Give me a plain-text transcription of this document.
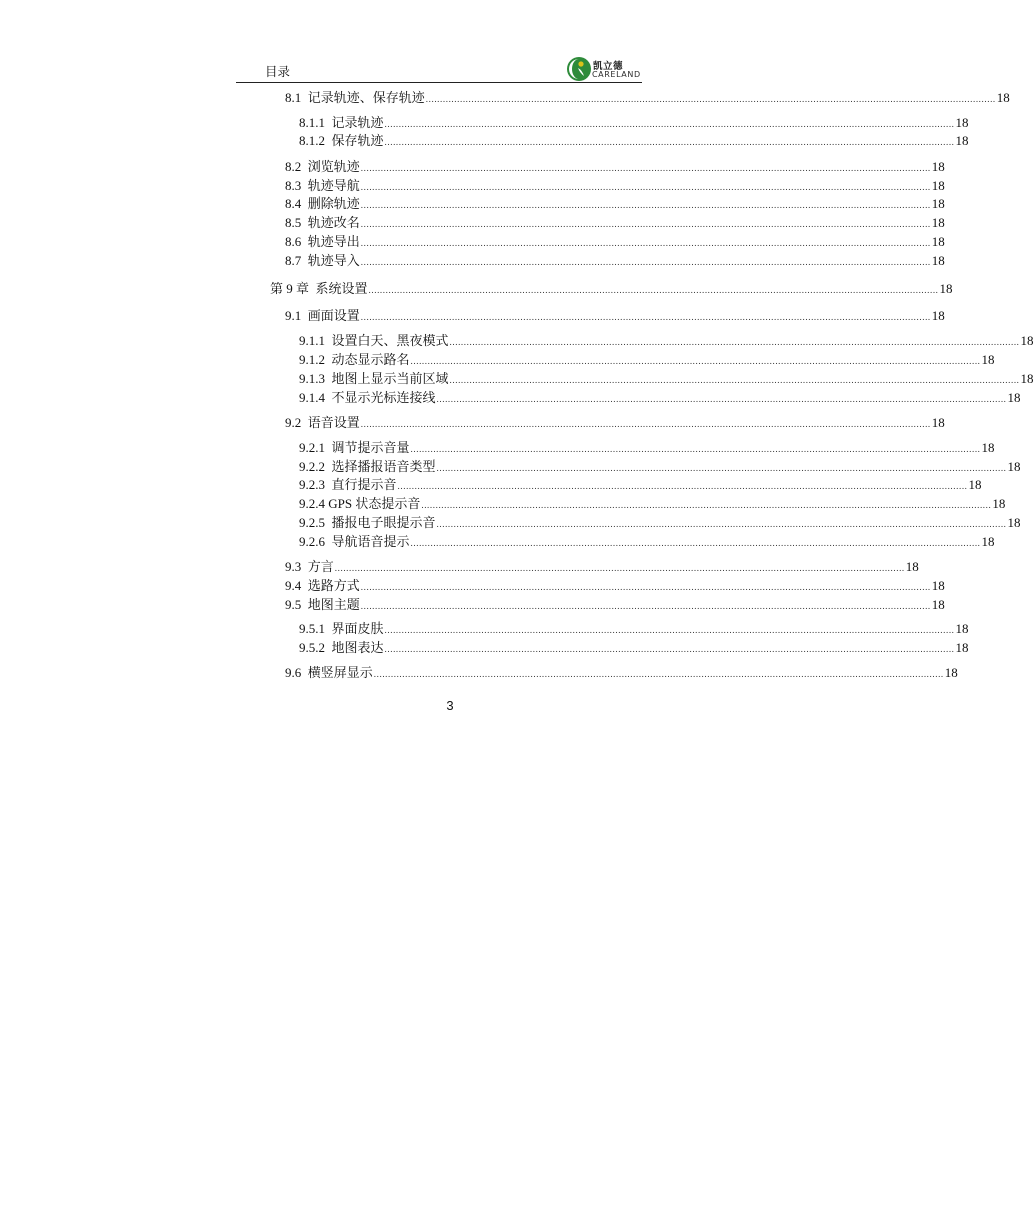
目录	凯立德
CARELAND
8.1  记录轨迹、保存轨迹 ........................................................................................................................................................................................................ 18
8.1.1  记录轨迹 ........................................................................................................................................................................................................ 18
8.1.2  保存轨迹 ........................................................................................................................................................................................................ 18
8.2  浏览轨迹 ........................................................................................................................................................................................................ 18
8.3  轨迹导航 ........................................................................................................................................................................................................ 18
8.4  删除轨迹 ........................................................................................................................................................................................................ 18
8.5  轨迹改名 ........................................................................................................................................................................................................ 18
8.6  轨迹导出 ........................................................................................................................................................................................................ 18
8.7  轨迹导入 ........................................................................................................................................................................................................ 18
第 9 章  系统设置 ........................................................................................................................................................................................................ 18
9.1  画面设置 ........................................................................................................................................................................................................ 18
9.1.1  设置白天、黑夜模式 ........................................................................................................................................................................................................ 18
9.1.2  动态显示路名 ........................................................................................................................................................................................................ 18
9.1.3  地图上显示当前区域 ........................................................................................................................................................................................................ 18
9.1.4  不显示光标连接线 ........................................................................................................................................................................................................ 18
9.2  语音设置 ........................................................................................................................................................................................................ 18
9.2.1  调节提示音量 ........................................................................................................................................................................................................ 18
9.2.2  选择播报语音类型 ........................................................................................................................................................................................................ 18
9.2.3  直行提示音 ........................................................................................................................................................................................................ 18
9.2.4 GPS 状态提示音 ........................................................................................................................................................................................................ 18
9.2.5  播报电子眼提示音 ........................................................................................................................................................................................................ 18
9.2.6  导航语音提示 ........................................................................................................................................................................................................ 18
9.3  方言 ........................................................................................................................................................................................................ 18
9.4  选路方式 ........................................................................................................................................................................................................ 18
9.5  地图主题 ........................................................................................................................................................................................................ 18
9.5.1  界面皮肤 ........................................................................................................................................................................................................ 18
9.5.2  地图表达 ........................................................................................................................................................................................................ 18
9.6  横竖屏显示 ........................................................................................................................................................................................................ 18
3
